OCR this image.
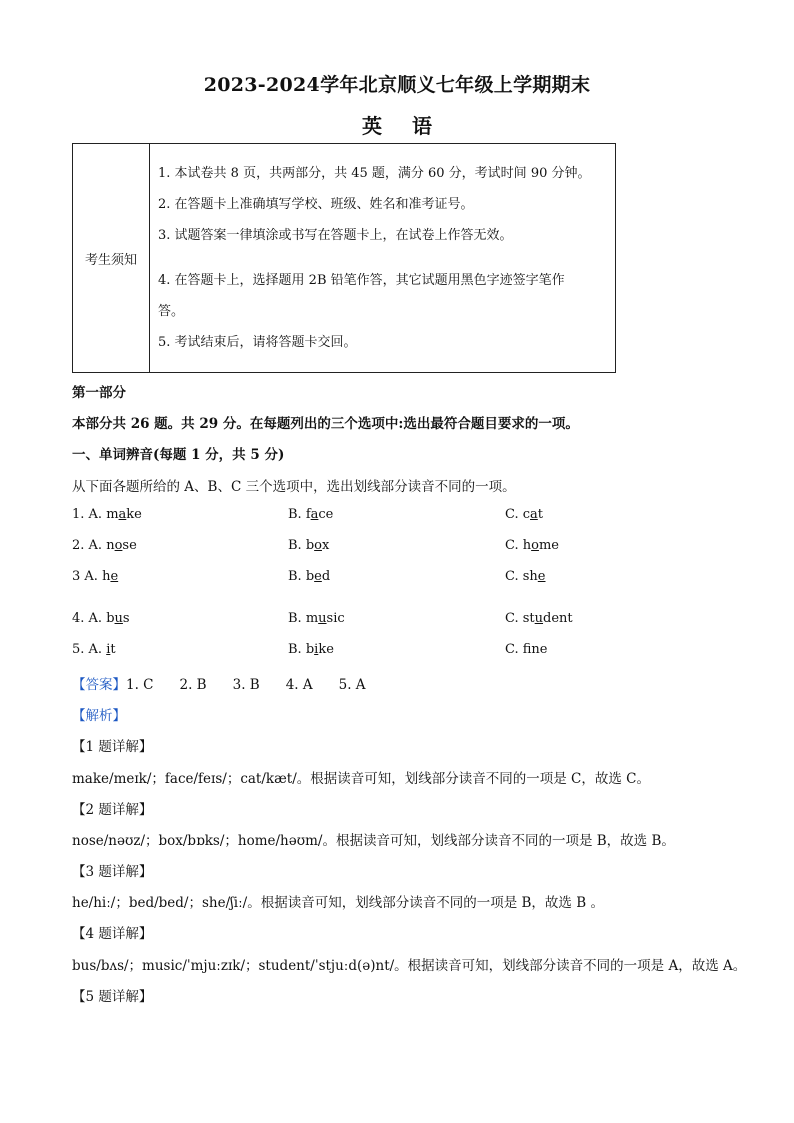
2023-2024学年北京顺义七年级上学期期末
英语
考生须知	
1. 本试卷共 8 页，共两部分，共 45 题，满分 60 分，考试时间 90 分钟。
2. 在答题卡上准确填写学校、班级、姓名和准考证号。
3. 试题答案一律填涂或书写在答题卡上，在试卷上作答无效。
4. 在答题卡上，选择题用 2B 铅笔作答，其它试题用黑色字迹签字笔作
答。
5. 考试结束后，请将答题卡交回。
第一部分
本部分共 26 题。共 29 分。在每题列出的三个选项中:选出最符合题目要求的一项。
一、单词辨音(每题 1 分，共 5 分)
从下面各题所给的 A、B、C 三个选项中，选出划线部分读音不同的一项。
1. A. make	B. face	C. cat
2. A. nose	B. box	C. home
3 A. he	B. bed	C. she
4. A. bus	B. music	C. student
5. A. it	B. bike	C. fne
【答案】1. C 2. B 3. B 4. A 5. A
【解析】
【1 题详解】
make/meɪk/；face/feɪs/；cat/kæt/。根据读音可知，划线部分读音不同的一项是 C，故选 C。
【2 题详解】
nose/nəʊz/；box/bɒks/；home/həʊm/。根据读音可知，划线部分读音不同的一项是 B，故选 B。
【3 题详解】
he/hiː/；bed/bed/；she/ʃiː/。根据读音可知，划线部分读音不同的一项是 B，故选 B 。
【4 题详解】
bus/bʌs/；music/ˈmjuːzɪk/；student/ˈstjuːd(ə)nt/。根据读音可知，划线部分读音不同的一项是 A，故选 A。
【5 题详解】
